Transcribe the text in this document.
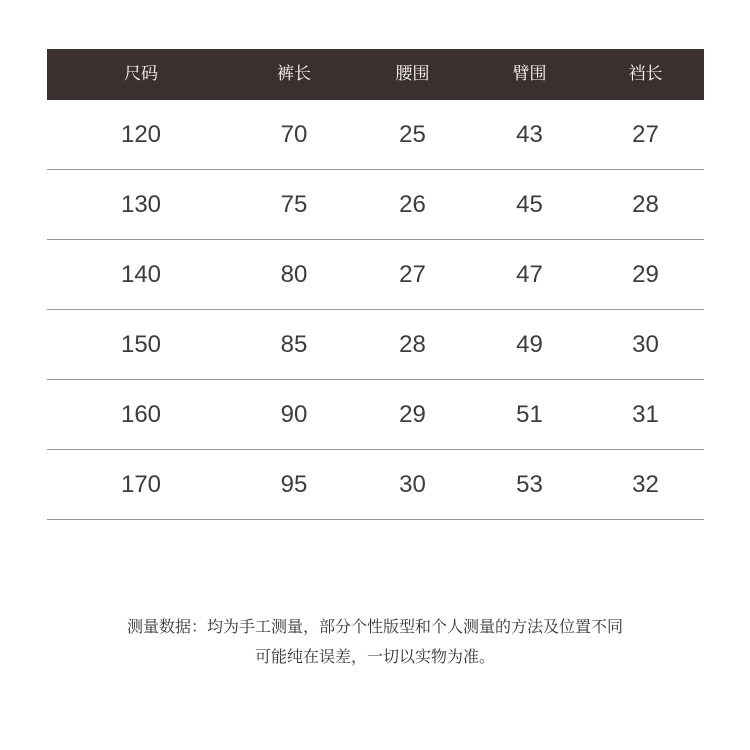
尺码	裤长	腰围	臂围	裆长
120	70	25	43	27
130	75	26	45	28
140	80	27	47	29
150	85	28	49	30
160	90	29	51	31
170	95	30	53	32
测量数据：均为手工测量，部分个性版型和个人测量的方法及位置不同
可能纯在误差，一切以实物为准。
